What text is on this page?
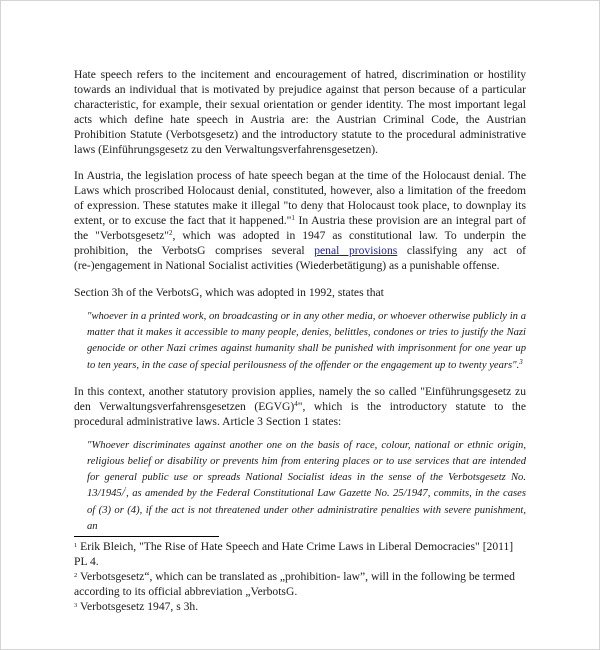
Hate speech refers to the incitement and encouragement of hatred, discrimination or hostility towards an individual that is motivated by prejudice against that person because of a particular characteristic, for example, their sexual orientation or gender identity. The most important legal acts which define hate speech in Austria are: the Austrian Criminal Code, the Austrian Prohibition Statute (Verbotsgesetz) and the introductory statute to the procedural administrative laws (Einführungsgesetz zu den Verwaltungsverfahrensgesetzen).

In Austria, the legislation process of hate speech began at the time of the Holocaust denial. The Laws which proscribed Holocaust denial, constituted, however, also a limitation of the freedom of expression. These statutes make it illegal "to deny that Holocaust took place, to downplay its extent, or to excuse the fact that it happened."$^1$ In Austria these provision are an integral part of the "Verbotsgesetz"$^2$, which was adopted in 1947 as constitutional law. To underpin the prohibition, the VerbotsG comprises several penal provisions classifying any act of (re-)engagement in National Socialist activities (Wiederbetätigung) as a punishable offense.

Section 3h of the VerbotsG, which was adopted in 1992, states that

"whoever in a printed work, on broadcasting or in any other media, or whoever otherwise publicly in a matter that it makes it accessible to many people, denies, belittles, condones or tries to justify the Nazi genocide or other Nazi crimes against humanity shall be punished with imprisonment for one year up to ten years, in the case of special perilousness of the offender or the engagement up to twenty years".$^3$

In this context, another statutory provision applies, namely the so called "Einführungsgesetz zu den Verwaltungsverfahrensgesetzen (EGVG)$^4$", which is the introductory statute to the procedural administrative laws. Article 3 Section 1 states:

"Whoever discriminates against another one on the basis of race, colour, national or ethnic origin, religious belief or disability or prevents him from entering places or to use services that are intended for general public use or spreads National Socialist ideas in the sense of the Verbotsgesetz No. 13/1945/', as amended by the Federal Constitutional Law Gazette No. 25/1947, commits, in the cases of (3) or (4), if the act is not threatened under other administratire penalties with severe punishment, an

$^1$ Erik Bleich, "The Rise of Hate Speech and Hate Crime Laws in Liberal Democracies" [2011] PL 4.

$^2$ Verbotsgesetz“, which can be translated as „prohibition- law”, will in the following be termed according to its official abbreviation „VerbotsG.

$^3$ Verbotsgesetz 1947, s 3h.
